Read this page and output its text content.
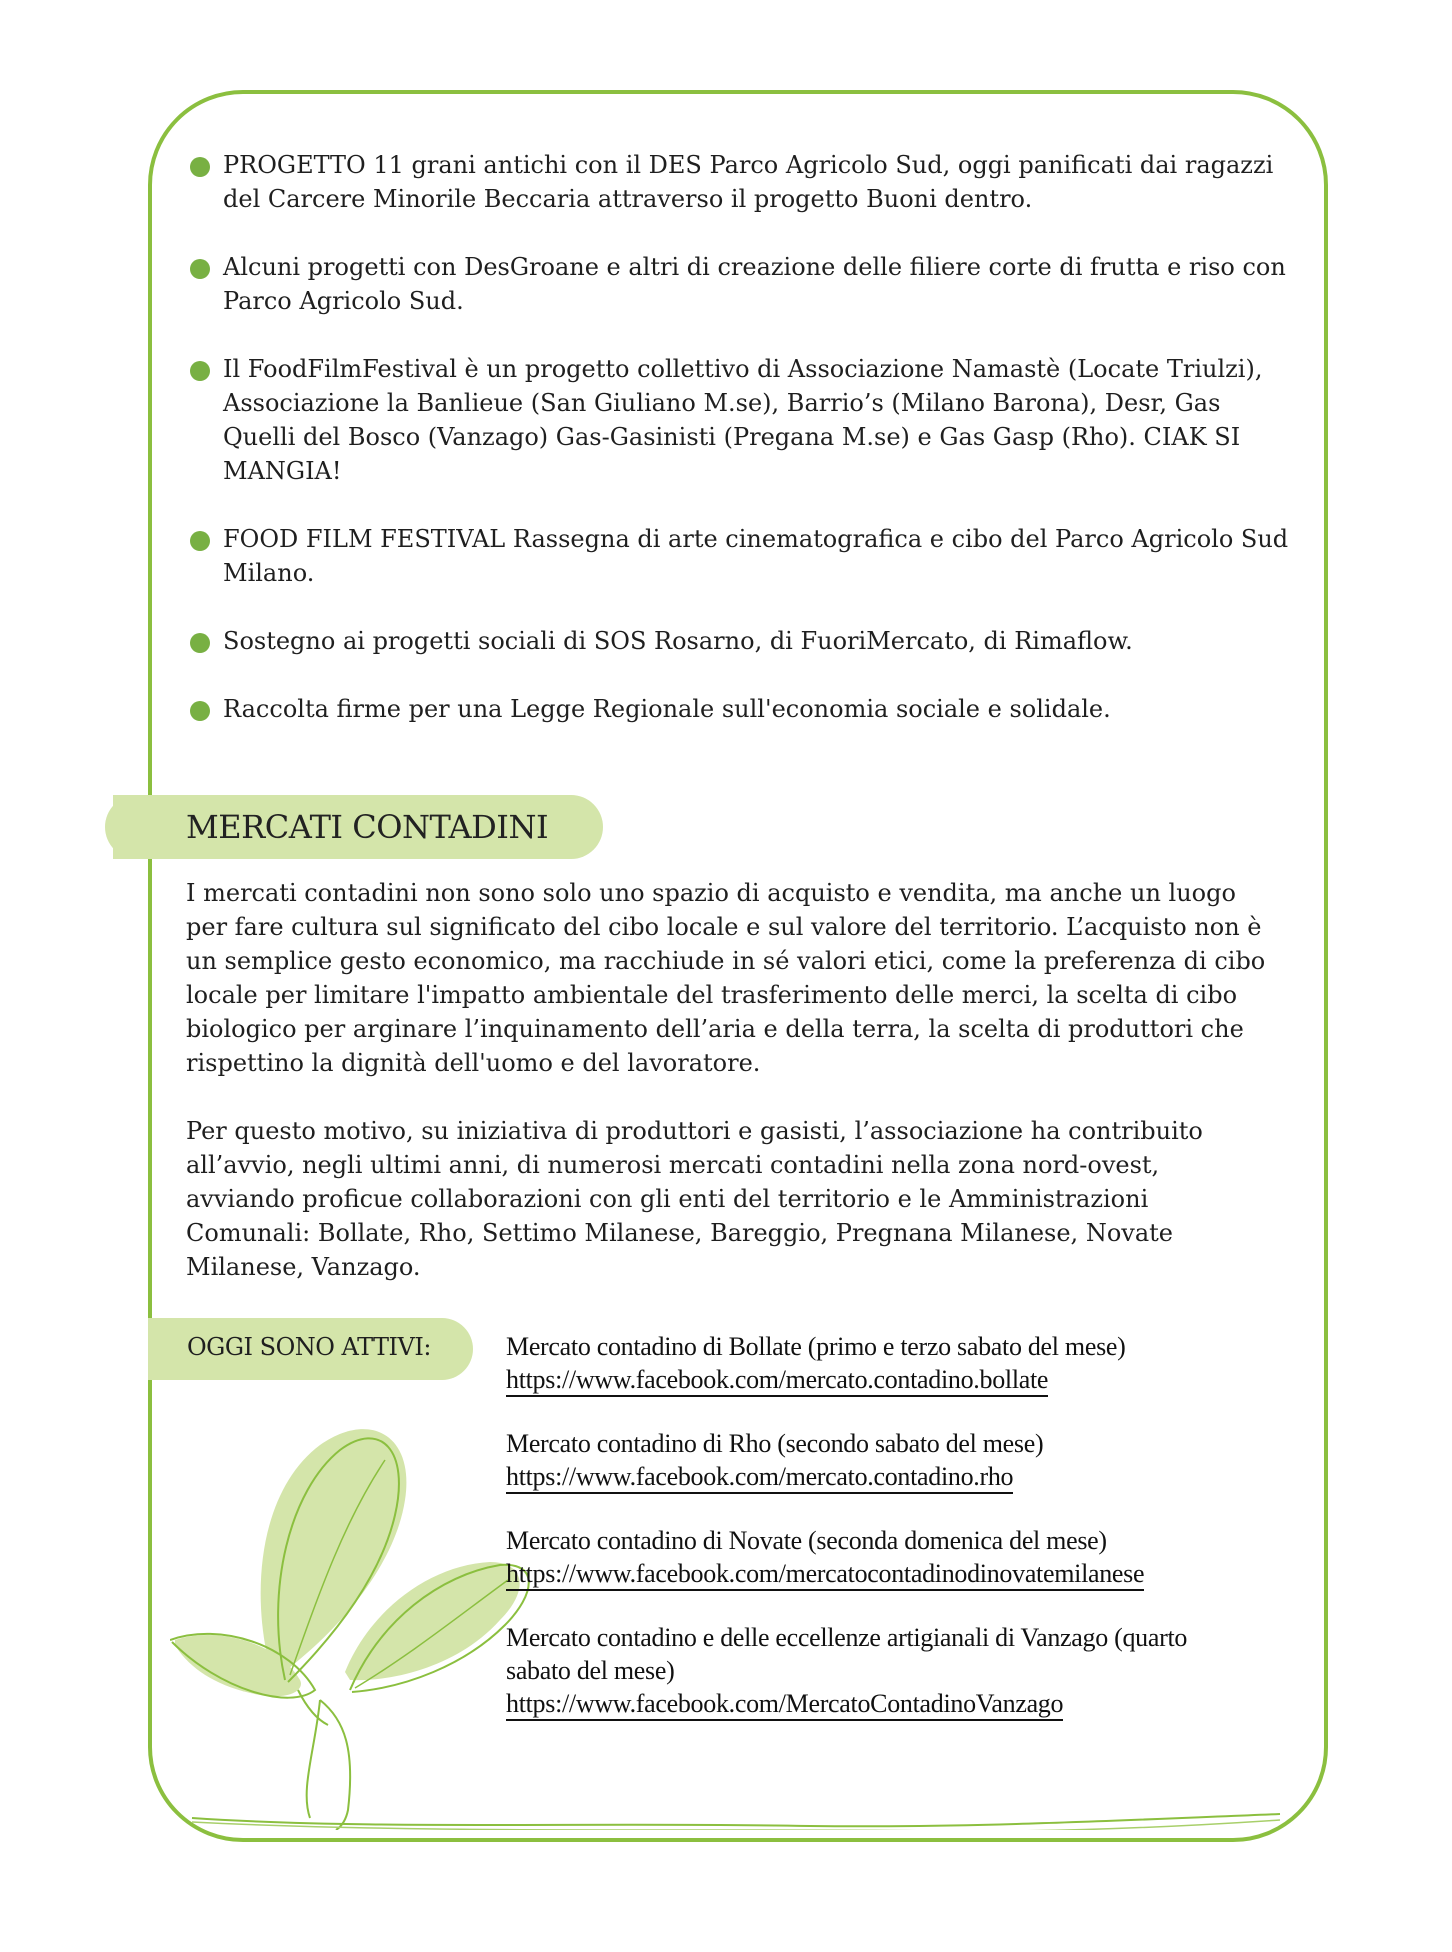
PROGETTO 11 grani antichi con il DES Parco Agricolo Sud, oggi panificati dai ragazzi del Carcere Minorile Beccaria attraverso il progetto Buoni dentro.
Alcuni progetti con DesGroane e altri di creazione delle filiere corte di frutta e riso con Parco Agricolo Sud.
Il FoodFilmFestival è un progetto collettivo di Associazione Namastè (Locate Triulzi), Associazione la Banlieue (San Giuliano M.se), Barrio’s (Milano Barona), Desr, Gas Quelli del Bosco (Vanzago) Gas-Gasinisti (Pregana M.se) e Gas Gasp (Rho). CIAK SI MANGIA!
FOOD FILM FESTIVAL Rassegna di arte cinematografica e cibo del Parco Agricolo Sud Milano.
Sostegno ai progetti sociali di SOS Rosarno, di FuoriMercato, di Rimaflow.
Raccolta firme per una Legge Regionale sull'economia sociale e solidale.
MERCATI CONTADINI

I mercati contadini non sono solo uno spazio di acquisto e vendita, ma anche un luogo per fare cultura sul significato del cibo locale e sul valore del territorio. L’acquisto non è un semplice gesto economico, ma racchiude in sé valori etici, come la preferenza di cibo locale per limitare l'impatto ambientale del trasferimento delle merci, la scelta di cibo biologico per arginare l’inquinamento dell’aria e della terra, la scelta di produttori che rispettino la dignità dell'uomo e del lavoratore.

Per questo motivo, su iniziativa di produttori e gasisti, l’associazione ha contribuito all’avvio, negli ultimi anni, di numerosi mercati contadini nella zona nord-ovest, avviando proficue collaborazioni con gli enti del territorio e le Amministrazioni Comunali: Bollate, Rho, Settimo Milanese, Bareggio, Pregnana Milanese, Novate Milanese, Vanzago.

OGGI SONO ATTIVI:	Mercato contadino di Bollate (primo e terzo sabato del mese)
https://www.facebook.com/mercato.contadino.bollate
Mercato contadino di Rho (secondo sabato del mese)
https://www.facebook.com/mercato.contadino.rho
Mercato contadino di Novate (seconda domenica del mese)
https://www.facebook.com/mercatocontadinodinovatemilanese
Mercato contadino e delle eccellenze artigianali di Vanzago (quarto sabato del mese)
https://www.facebook.com/MercatoContadinoVanzago
